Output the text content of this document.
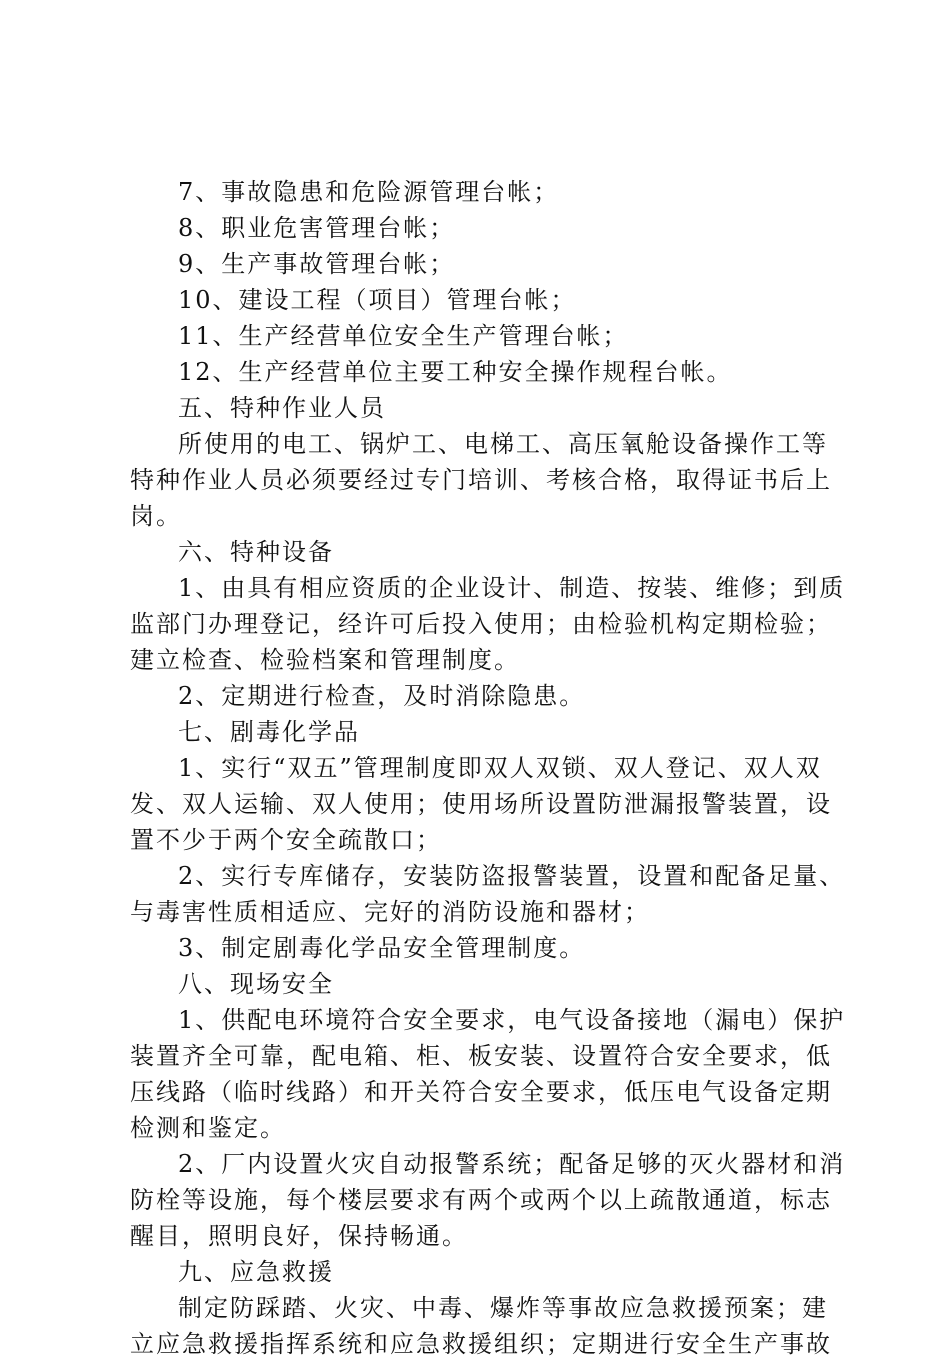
7、事故隐患和危险源管理台帐；
8、职业危害管理台帐；
9、生产事故管理台帐；
10、建设工程（项目）管理台帐；
11、生产经营单位安全生产管理台帐；
12、生产经营单位主要工种安全操作规程台帐。
五、特种作业人员
所使用的电工、锅炉工、电梯工、高压氧舱设备操作工等
特种作业人员必须要经过专门培训、考核合格，取得证书后上
岗。
六、特种设备
1、由具有相应资质的企业设计、制造、按装、维修；到质
监部门办理登记，经许可后投入使用；由检验机构定期检验；
建立检查、检验档案和管理制度。
2、定期进行检查，及时消除隐患。
七、剧毒化学品
1、实行“双五”管理制度即双人双锁、双人登记、双人双
发、双人运输、双人使用；使用场所设置防泄漏报警装置，设
置不少于两个安全疏散口；
2、实行专库储存，安装防盗报警装置，设置和配备足量、
与毒害性质相适应、完好的消防设施和器材；
3、制定剧毒化学品安全管理制度。
八、现场安全
1、供配电环境符合安全要求，电气设备接地（漏电）保护
装置齐全可靠，配电箱、柜、板安装、设置符合安全要求，低
压线路（临时线路）和开关符合安全要求，低压电气设备定期
检测和鉴定。
2、厂内设置火灾自动报警系统；配备足够的灭火器材和消
防栓等设施，每个楼层要求有两个或两个以上疏散通道，标志
醒目，照明良好，保持畅通。
九、应急救援
制定防踩踏、火灾、中毒、爆炸等事故应急救援预案；建
立应急救援指挥系统和应急救援组织；定期进行安全生产事故
